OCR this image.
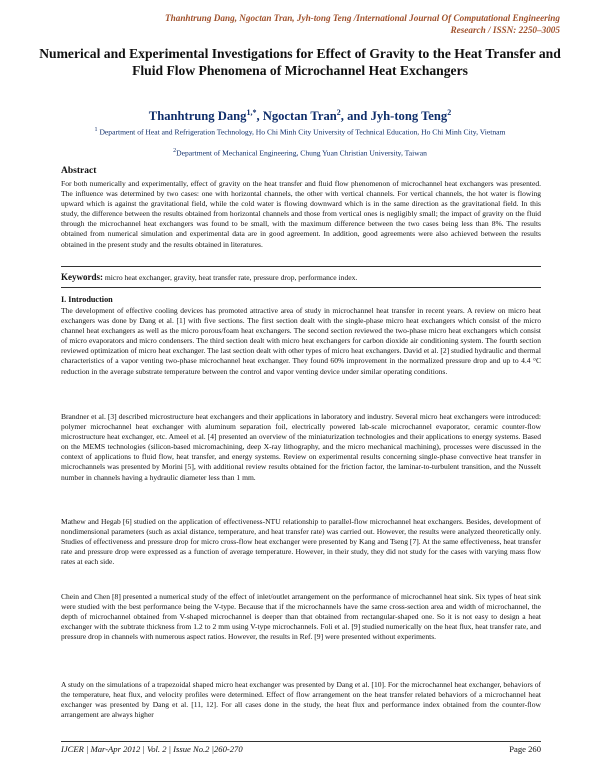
Thanhtrung Dang, Ngoctan Tran, Jyh-tong Teng /International Journal Of Computational Engineering
Research / ISSN: 2250–3005
Numerical and Experimental Investigations for Effect of Gravity to the Heat Transfer and Fluid Flow Phenomena of Microchannel Heat Exchangers
Thanhtrung Dang$^{1,*}$, Ngoctan Tran$^2$, and Jyh-tong Teng$^2$
$^1$ Department of Heat and Refrigeration Technology, Ho Chi Minh City University of Technical Education, Ho Chi Minh City, Vietnam
$^2$Department of Mechanical Engineering, Chung Yuan Christian University, Taiwan
Abstract
For both numerically and experimentally, effect of gravity on the heat transfer and fluid flow phenomenon of microchannel heat exchangers was presented. The influence was determined by two cases: one with horizontal channels, the other with vertical channels. For vertical channels, the hot water is flowing upward which is against the gravitational field, while the cold water is flowing downward which is in the same direction as the gravitational field. In this study, the difference between the results obtained from horizontal channels and those from vertical ones is negligibly small; the impact of gravity on the fluid through the microchannel heat exchangers was found to be small, with the maximum difference between the two cases being less than 8%. The results obtained from numerical simulation and experimental data are in good agreement. In addition, good agreements were also achieved between the results obtained in the present study and the results obtained in literatures.
Keywords: micro heat exchanger, gravity, heat transfer rate, pressure drop, performance index.
I. Introduction
The development of effective cooling devices has promoted attractive area of study in microchannel heat transfer in recent years. A review on micro heat exchangers was done by Dang et al. [1] with five sections. The first section dealt with the single-phase micro heat exchangers which consist of the micro channel heat exchangers as well as the micro porous/foam heat exchangers. The second section reviewed the two-phase micro heat exchangers which consist of micro evaporators and micro condensers. The third section dealt with micro heat exchangers for carbon dioxide air conditioning system. The fourth section reviewed optimization of micro heat exchanger. The last section dealt with other types of micro heat exchangers. David et al. [2] studied hydraulic and thermal characteristics of a vapor venting two-phase microchannel heat exchanger. They found 60% improvement in the normalized pressure drop and up to 4.4 °C reduction in the average substrate temperature between the control and vapor venting device under similar operating conditions.
Brandner et al. [3] described microstructure heat exchangers and their applications in laboratory and industry. Several micro heat exchangers were introduced: polymer microchannel heat exchanger with aluminum separation foil, electrically powered lab-scale microchannel evaporator, ceramic counter-flow microstructure heat exchanger, etc. Ameel et al. [4] presented an overview of the miniaturization technologies and their applications to energy systems. Based on the MEMS technologies (silicon-based micromachining, deep X-ray lithography, and the micro mechanical machining), processes were discussed in the context of applications to fluid flow, heat transfer, and energy systems. Review on experimental results concerning single-phase convective heat transfer in microchannels was presented by Morini [5], with additional review results obtained for the friction factor, the laminar-to-turbulent transition, and the Nusselt number in channels having a hydraulic diameter less than 1 mm.
Mathew and Hegab [6] studied on the application of effectiveness-NTU relationship to parallel-flow microchannel heat exchangers. Besides, development of nondimensional parameters (such as axial distance, temperature, and heat transfer rate) was carried out. However, the results were analyzed theoretically only. Studies of effectiveness and pressure drop for micro cross-flow heat exchanger were presented by Kang and Tseng [7]. At the same effectiveness, heat transfer rate and pressure drop were expressed as a function of average temperature. However, in their study, they did not study for the cases with varying mass flow rates at each side.
Chein and Chen [8] presented a numerical study of the effect of inlet/outlet arrangement on the performance of microchannel heat sink. Six types of heat sink were studied with the best performance being the V-type. Because that if the microchannels have the same cross-section area and width of microchannel, the depth of microchannel obtained from V-shaped microchannel is deeper than that obtained from rectangular-shaped one. So it is not easy to design a heat exchanger with the subtrate thickness from 1.2 to 2 mm using V-type microchannels. Foli et al. [9] studied numerically on the heat flux, heat transfer rate, and pressure drop in channels with numerous aspect ratios. However, the results in Ref. [9] were presented without experiments.
A study on the simulations of a trapezoidal shaped micro heat exchanger was presented by Dang et al. [10]. For the microchannel heat exchanger, behaviors of the temperature, heat flux, and velocity profiles were determined. Effect of flow arrangement on the heat transfer related behaviors of a microchannel heat exchanger was presented by Dang et al. [11, 12]. For all cases done in the study, the heat flux and performance index obtained from the counter-flow arrangement are always higher
IJCER | Mar-Apr 2012 | Vol. 2 | Issue No.2 |260-270	Page 260
